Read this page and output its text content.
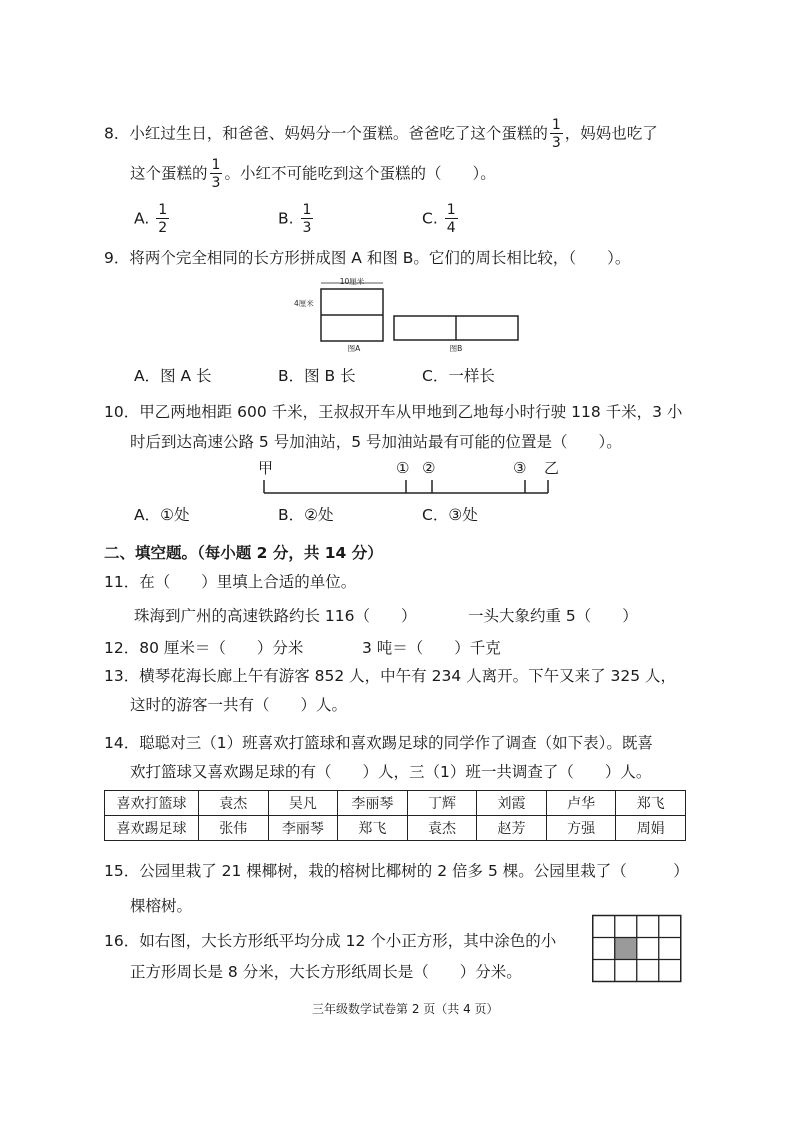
8．小红过生日，和爸爸、妈妈分一个蛋糕。爸爸吃了这个蛋糕的 $\frac{1}{3}$ ，妈妈也吃了
这个蛋糕的 $\frac{1}{3}$ 。小红不可能吃到这个蛋糕的（　　）。
A. $\frac{1}{2}$	B. $\frac{1}{3}$	C. $\frac{1}{4}$
9．将两个完全相同的长方形拼成图 A 和图 B。它们的周长相比较，（　　）。
10厘米
4厘米
图A	图B
A．图 A 长	B．图 B 长	C．一样长
10．甲乙两地相距 600 千米，王叔叔开车从甲地到乙地每小时行驶 118 千米，3 小
时后到达高速公路 5 号加油站，5 号加油站最有可能的位置是（　　）。
甲	乙
① ②	③
A．①处	B．②处	C．③处
二、填空题。（每小题 2 分，共 14 分）
11．在（　　）里填上合适的单位。
珠海到广州的高速铁路约长 116（　　）	一头大象约重 5（　　）
12．80 厘米＝（　　）分米	3 吨＝（　　）千克
13．横琴花海长廊上午有游客 852 人，中午有 234 人离开。下午又来了 325 人，
这时的游客一共有（　　）人。
14．聪聪对三（1）班喜欢打篮球和喜欢踢足球的同学作了调查（如下表）。既喜
欢打篮球又喜欢踢足球的有（　　）人，三（1）班一共调查了（　　）人。
喜欢打篮球	袁杰	吴凡	李丽琴	丁辉	刘霞	卢华	郑飞
喜欢踢足球	张伟	李丽琴	郑飞	袁杰	赵芳	方强	周娟
15．公园里栽了 21 棵椰树，栽的榕树比椰树的 2 倍多 5 棵。公园里栽了（　　　）
棵榕树。
16．如右图，大长方形纸平均分成 12 个小正方形，其中涂色的小
正方形周长是 8 分米，大长方形纸周长是（　　）分米。
三年级数学试卷第 2 页（共 4 页）
